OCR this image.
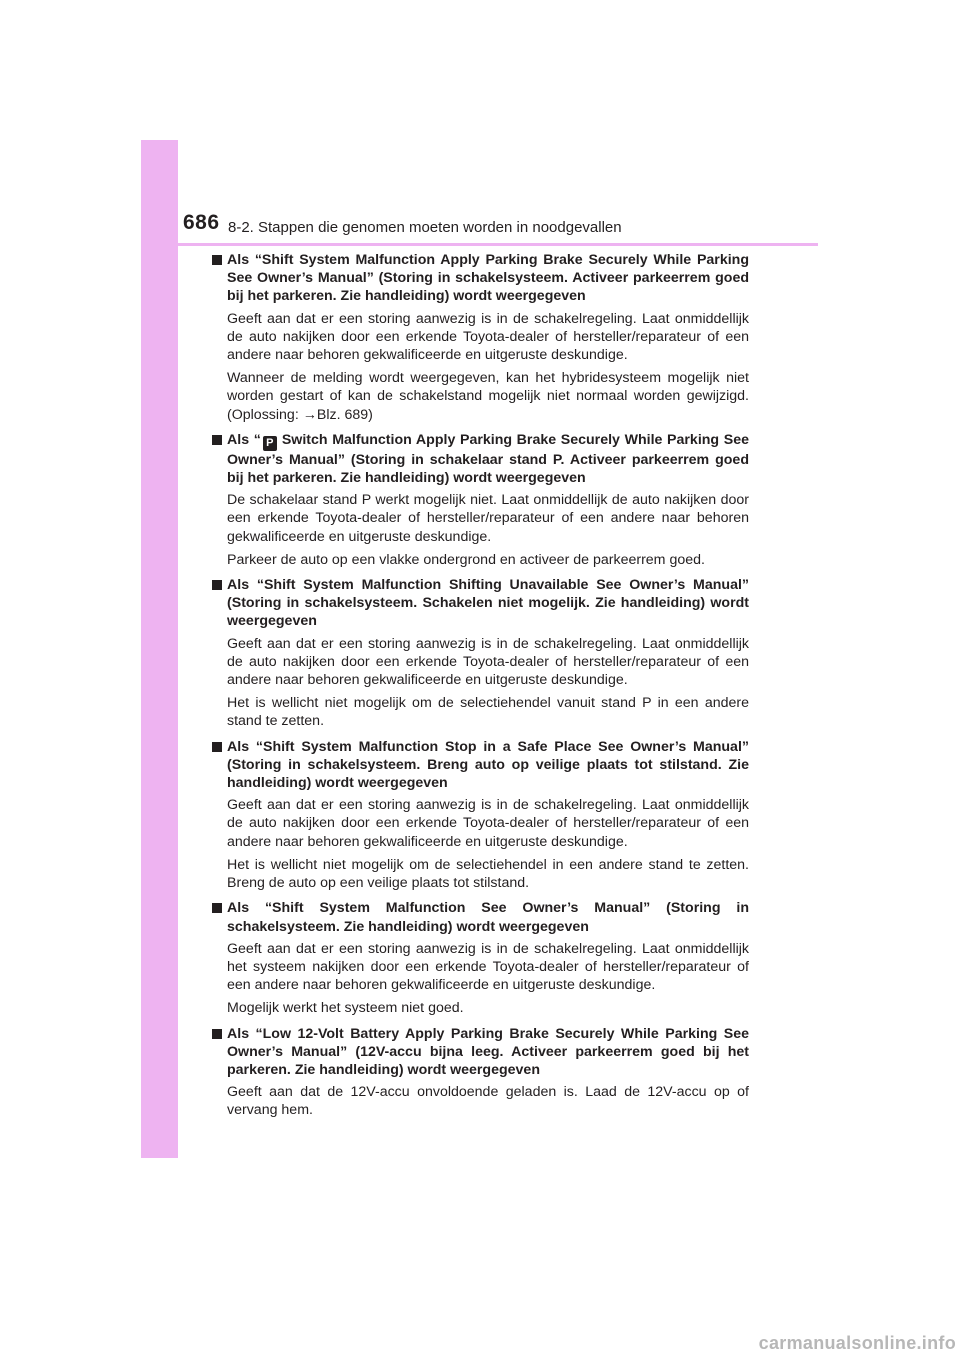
686 8-2. Stappen die genomen moeten worden in noodgevallen

Als “Shift System Malfunction Apply Parking Brake Securely While Parking See Owner’s Manual” (Storing in schakelsysteem. Activeer parkeerrem goed bij het parkeren. Zie handleiding) wordt weergegeven

Geeft aan dat er een storing aanwezig is in de schakelregeling. Laat onmiddellijk de auto nakijken door een erkende Toyota-dealer of hersteller/reparateur of een andere naar behoren gekwalificeerde en uitgeruste deskundige.

Wanneer de melding wordt weergegeven, kan het hybridesysteem mogelijk niet worden gestart of kan de schakelstand mogelijk niet normaal worden gewijzigd. (Oplossing: →Blz. 689)

Als “ P Switch Malfunction Apply Parking Brake Securely While Parking See Owner’s Manual” (Storing in schakelaar stand P. Activeer parkeerrem goed bij het parkeren. Zie handleiding) wordt weergegeven

De schakelaar stand P werkt mogelijk niet. Laat onmiddellijk de auto nakijken door een erkende Toyota-dealer of hersteller/reparateur of een andere naar behoren gekwalificeerde en uitgeruste deskundige.

Parkeer de auto op een vlakke ondergrond en activeer de parkeerrem goed.

Als “Shift System Malfunction Shifting Unavailable See Owner’s Manual” (Storing in schakelsysteem. Schakelen niet mogelijk. Zie handleiding) wordt weergegeven

Geeft aan dat er een storing aanwezig is in de schakelregeling. Laat onmiddellijk de auto nakijken door een erkende Toyota-dealer of hersteller/reparateur of een andere naar behoren gekwalificeerde en uitgeruste deskundige.

Het is wellicht niet mogelijk om de selectiehendel vanuit stand P in een andere stand te zetten.

Als “Shift System Malfunction Stop in a Safe Place See Owner’s Manual” (Storing in schakelsysteem. Breng auto op veilige plaats tot stilstand. Zie handleiding) wordt weergegeven

Geeft aan dat er een storing aanwezig is in de schakelregeling. Laat onmiddellijk de auto nakijken door een erkende Toyota-dealer of hersteller/reparateur of een andere naar behoren gekwalificeerde en uitgeruste deskundige.

Het is wellicht niet mogelijk om de selectiehendel in een andere stand te zetten. Breng de auto op een veilige plaats tot stilstand.

Als “Shift System Malfunction See Owner’s Manual” (Storing in schakelsysteem. Zie handleiding) wordt weergegeven

Geeft aan dat er een storing aanwezig is in de schakelregeling. Laat onmiddellijk het systeem nakijken door een erkende Toyota-dealer of hersteller/reparateur of een andere naar behoren gekwalificeerde en uitgeruste deskundige.

Mogelijk werkt het systeem niet goed.

Als “Low 12-Volt Battery Apply Parking Brake Securely While Parking See Owner’s Manual” (12V-accu bijna leeg. Activeer parkeerrem goed bij het parkeren. Zie handleiding) wordt weergegeven

Geeft aan dat de 12V-accu onvoldoende geladen is. Laad de 12V-accu op of vervang hem.

carmanualsonline.info
